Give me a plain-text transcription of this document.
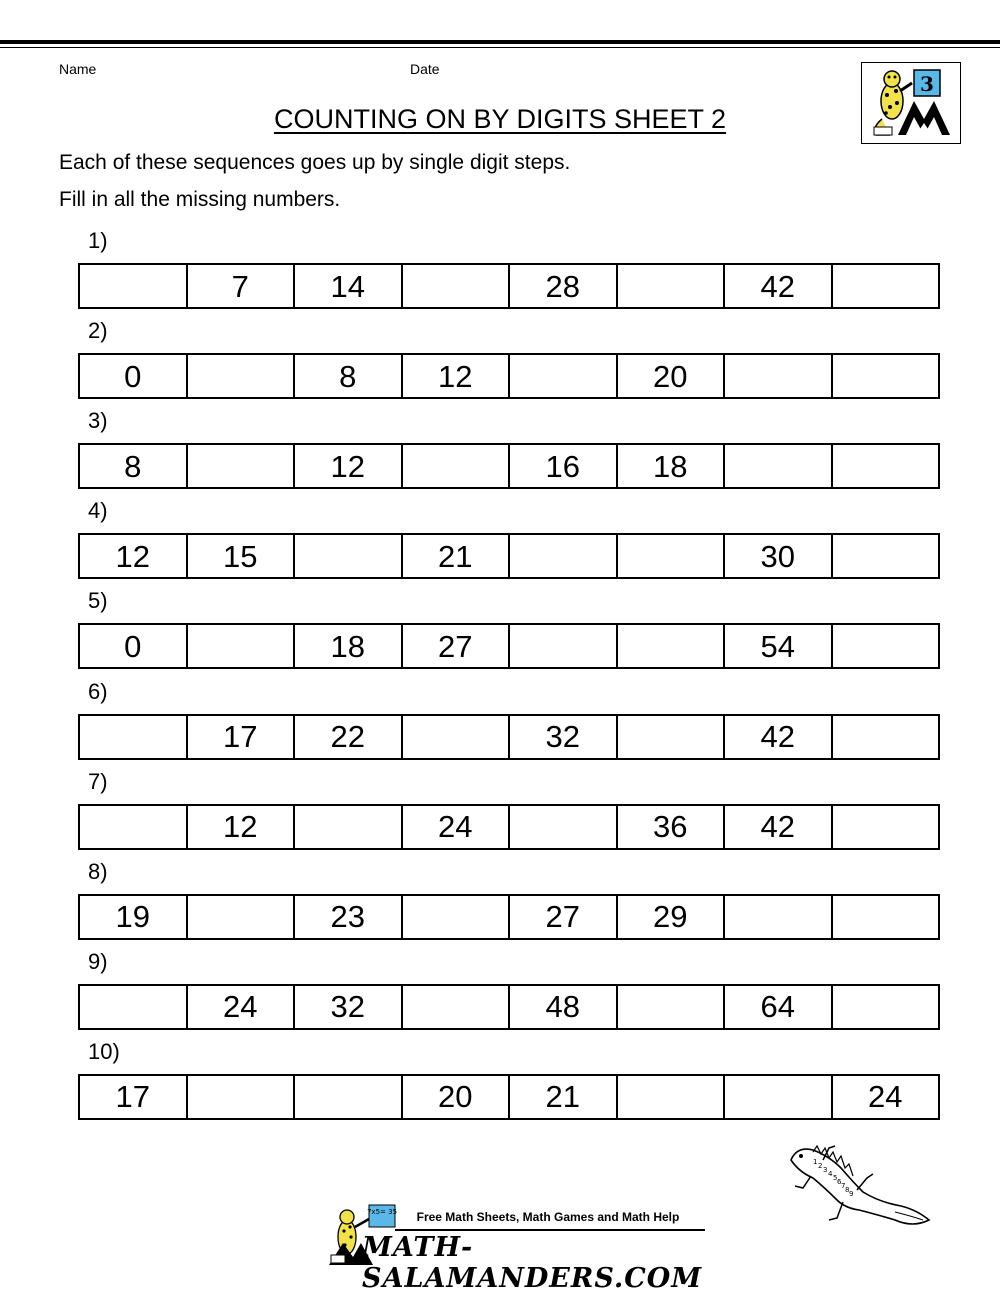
Name	Date
3
COUNTING ON BY DIGITS SHEET 2
Each of these sequences goes up by single digit steps.
Fill in all the missing numbers.
1)
	7	14		28		42	
2)
0		8	12		20		
3)
8		12		16	18		
4)
12	15		21			30	
5)
0		18	27			54	
6)
	17	22		32		42	
7)
	12		24		36	42	
8)
19		23		27	29		
9)
	24	32		48		64	
10)
17			20	21			24
1 2 3 4 5 6 7 8 9
7x5= 35	Free Math Sheets, Math Games and Math Help
MATH-SALAMANDERS.COM
